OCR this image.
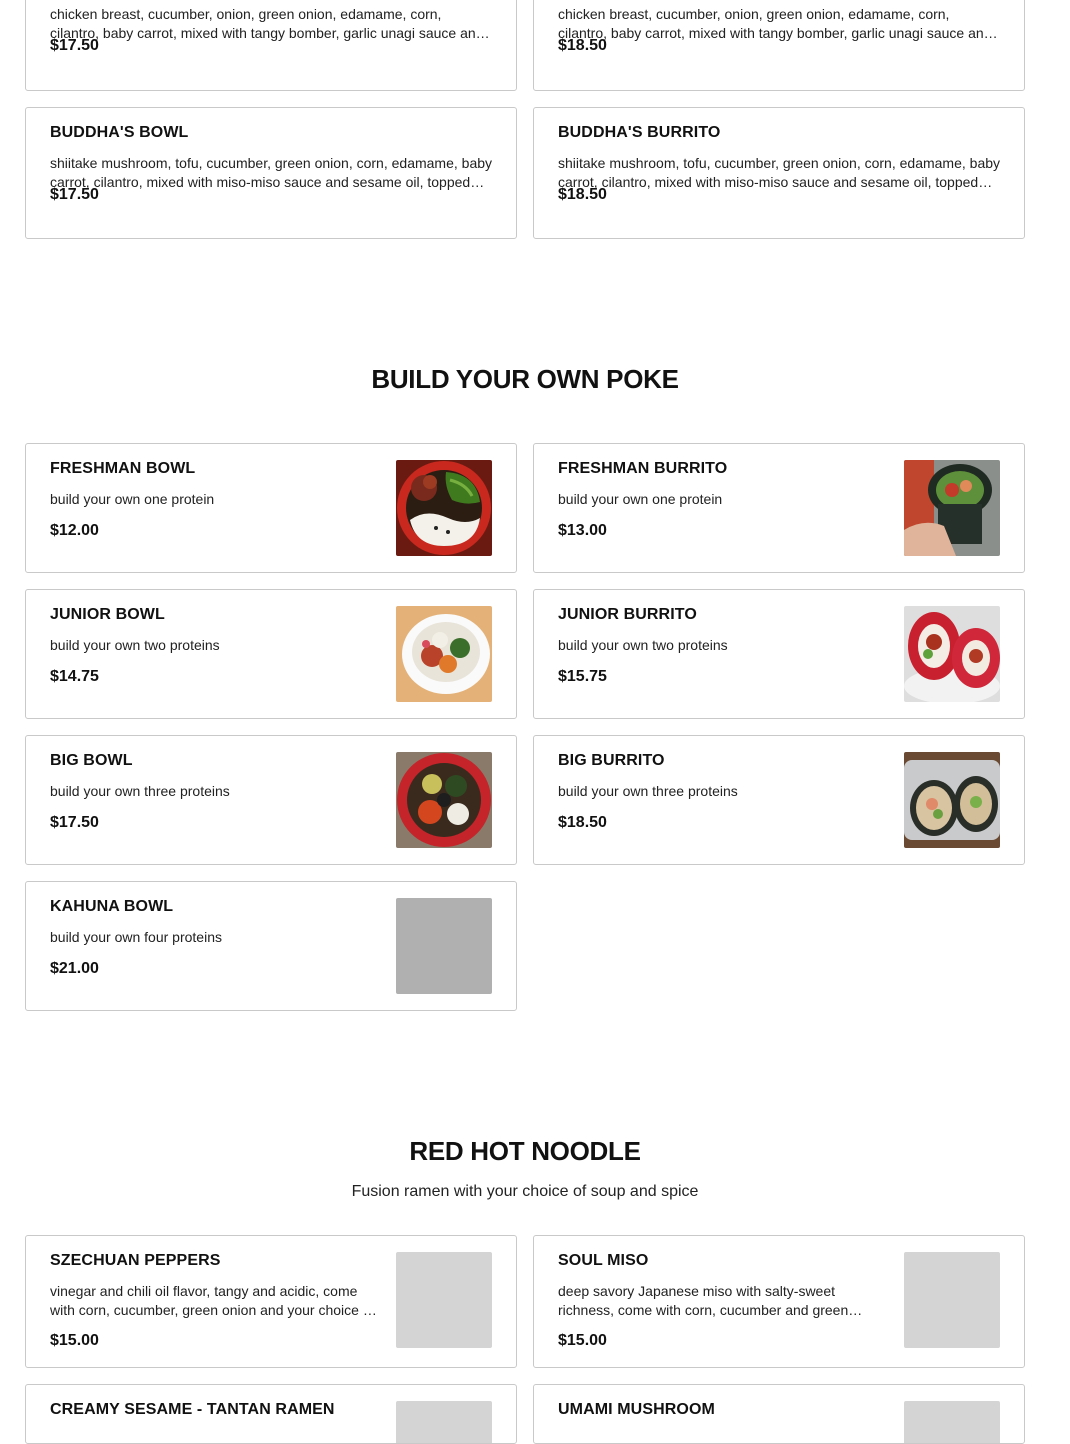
chicken breast, cucumber, onion, green onion, edamame, corn, cilantro, baby carrot, mixed with tangy bomber, garlic unagi sauce and
$17.50
chicken breast, cucumber, onion, green onion, edamame, corn, cilantro, baby carrot, mixed with tangy bomber, garlic unagi sauce and
$18.50
BUDDHA'S BOWL
shiitake mushroom, tofu, cucumber, green onion, corn, edamame, baby carrot, cilantro, mixed with miso-miso sauce and sesame oil, topped
$17.50
BUDDHA'S BURRITO
shiitake mushroom, tofu, cucumber, green onion, corn, edamame, baby carrot, cilantro, mixed with miso-miso sauce and sesame oil, topped
$18.50
BUILD YOUR OWN POKE
FRESHMAN BOWL
build your own one protein
$12.00
FRESHMAN BURRITO
build your own one protein
$13.00
JUNIOR BOWL
build your own two proteins
$14.75
JUNIOR BURRITO
build your own two proteins
$15.75
BIG BOWL
build your own three proteins
$17.50
BIG BURRITO
build your own three proteins
$18.50
KAHUNA BOWL
build your own four proteins
$21.00
RED HOT NOODLE
Fusion ramen with your choice of soup and spice
SZECHUAN PEPPERS
vinegar and chili oil flavor, tangy and acidic, come with corn, cucumber, green onion and your choice of
$15.00
SOUL MISO
deep savory Japanese miso with salty-sweet richness, come with corn, cucumber and green
$15.00
CREAMY SESAME - TANTAN RAMEN	UMAMI MUSHROOM
